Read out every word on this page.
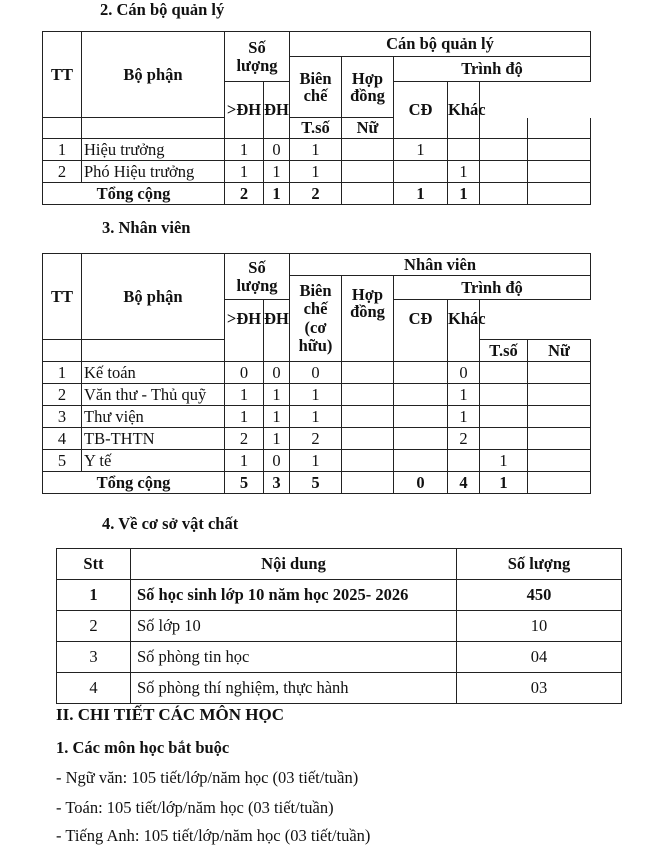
2. Cán bộ quản lý
TT	Bộ phận	Số
lượng		Cán bộ quản lý					
				Biên chế	Hợp đồng	Trình độ			
		>ĐH	ĐH			CĐ	Khác		
				T.số	Nữ				
1	Hiệu trưởng	1	0	1		1			
2	Phó Hiệu trưởng	1	1	1			1		
Tổng cộng		2	1	2		1	1		
3. Nhân viên
TT	Bộ phận	Số
lượng		Nhân viên					

				Biên
chế
(cơ
hữu)	Hợp đồng	Trình độ			
		>ĐH	ĐH			CĐ	Khác		
								T.số	Nữ
1	Kế toán	0	0	0			0		
2	Văn thư - Thủ quỹ	1	1	1			1		
3	Thư viện	1	1	1			1		
4	TB-THTN	2	1	2			2		
5	Y tế	1	0	1				1	
Tổng cộng		5	3	5		0	4	1	
4. Về cơ sở vật chất
Stt	Nội dung	Số lượng
1	Số học sinh lớp 10 năm học 2025- 2026	450
2	Số lớp 10	10
3	Số phòng tin học	04
4	Số phòng thí nghiệm, thực hành	03
II. CHI TIẾT CÁC MÔN HỌC
1. Các môn học bắt buộc
- Ngữ văn: 105 tiết/lớp/năm học (03 tiết/tuần)
- Toán: 105 tiết/lớp/năm học (03 tiết/tuần)
- Tiếng Anh: 105 tiết/lớp/năm học (03 tiết/tuần)
